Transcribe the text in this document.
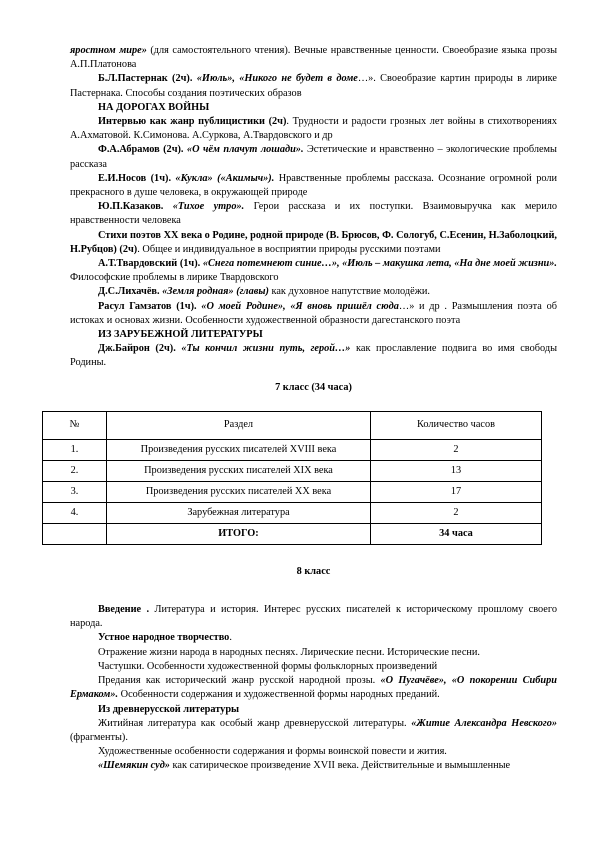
яростном мире» (для самостоятельного чтения). Вечные нравственные ценности. Своеобразие языка прозы А.П.Платонова

Б.Л.Пастернак (2ч). «Июль», «Никого не будет в доме…». Своеобразие картин природы в лирике Пастернака. Способы создания поэтических образов

НА ДОРОГАХ ВОЙНЫ

Интервью как жанр публицистики (2ч). Трудности и радости грозных лет войны в стихотворениях А.Ахматовой. К.Симонова. А.Суркова, А.Твардовского и др

Ф.А.Абрамов (2ч). «О чём плачут лошади». Эстетические и нравственно – экологические проблемы рассказа

Е.И.Носов (1ч). «Кукла» («Акимыч»). Нравственные проблемы рассказа. Осознание огромной роли прекрасного в душе человека, в окружающей природе

Ю.П.Казаков. «Тихое утро». Герои рассказа и их поступки. Взаимовыручка как мерило нравственности человека

Стихи поэтов XX века о Родине, родной природе (В. Брюсов, Ф. Сологуб, С.Есенин, Н.Заболоцкий, Н.Рубцов) (2ч). Общее и индивидуальное в восприятии природы русскими поэтами

А.Т.Твардовский (1ч). «Снега потемнеют синие…», «Июль – макушка лета, «На дне моей жизни». Философские проблемы в лирике Твардовского

Д.С.Лихачёв. «Земля родная» (главы) как духовное напутствие молодёжи.

Расул Гамзатов (1ч). «О моей Родине», «Я вновь пришёл сюда…» и др . Размышления поэта об истоках и основах жизни. Особенности художественной образности дагестанского поэта

ИЗ ЗАРУБЕЖНОЙ ЛИТЕРАТУРЫ

Дж.Байрон (2ч). «Ты кончил жизни путь, герой…» как прославление подвига во имя свободы Родины.

7 класс (34 часа)

№	Раздел	Количество часов
1.	Произведения русских писателей XVIII века	2
2.	Произведения русских писателей XIX века	13
3.	Произведения русских писателей XX века	17
4.	Зарубежная литература	2
	ИТОГО:	34 часа

8 класс

Введение . Литература и история. Интерес русских писателей к историческому прошлому своего народа.

Устное народное творчество.

Отражение жизни народа в народных песнях. Лирические песни. Исторические песни.

Частушки. Особенности художественной формы фольклорных произведений

Предания как исторический жанр русской народной прозы. «О Пугачёве», «О покорении Сибири Ермаком». Особенности содержания и художественной формы народных преданий.

Из древнерусской литературы

Житийная литература как особый жанр древнерусской литературы. «Житие Александра Невского» (фрагменты).

Художественные особенности содержания и формы воинской повести и жития.

«Шемякин суд» как сатирическое произведение XVII века. Действительные и вымышленные
